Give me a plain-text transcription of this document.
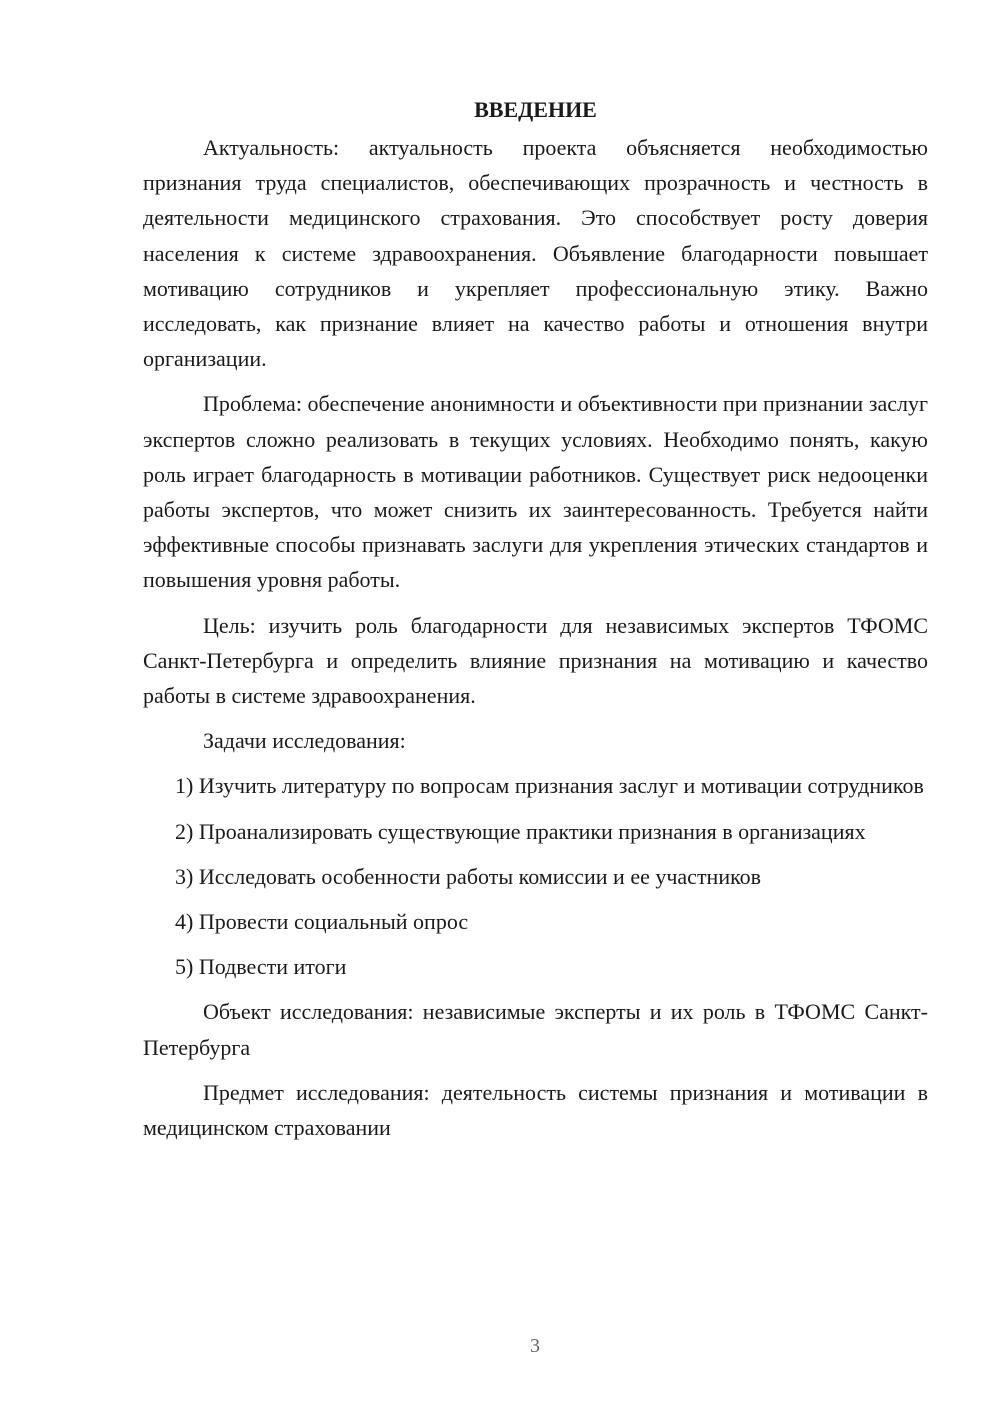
ВВЕДЕНИЕ

Актуальность: актуальность проекта объясняется необходимостью признания труда специалистов, обеспечивающих прозрачность и честность в деятельности медицинского страхования. Это способствует росту доверия населения к системе здравоохранения. Объявление благодарности повышает мотивацию сотрудников и укрепляет профессиональную этику. Важно исследовать, как признание влияет на качество работы и отношения внутри организации.

Проблема: обеспечение анонимности и объективности при признании заслуг экспертов сложно реализовать в текущих условиях. Необходимо понять, какую роль играет благодарность в мотивации работников. Существует риск недооценки работы экспертов, что может снизить их заинтересованность. Требуется найти эффективные способы признавать заслуги для укрепления этических стандартов и повышения уровня работы.

Цель: изучить роль благодарности для независимых экспертов ТФОМС Санкт-Петербурга и определить влияние признания на мотивацию и качество работы в системе здравоохранения.

Задачи исследования:

1) Изучить литературу по вопросам признания заслуг и мотивации сотрудников

2) Проанализировать существующие практики признания в организациях

3) Исследовать особенности работы комиссии и ее участников

4) Провести социальный опрос

5) Подвести итоги

Объект исследования: независимые эксперты и их роль в ТФОМС Санкт-Петербурга

Предмет исследования: деятельность системы признания и мотивации в медицинском страховании

3
